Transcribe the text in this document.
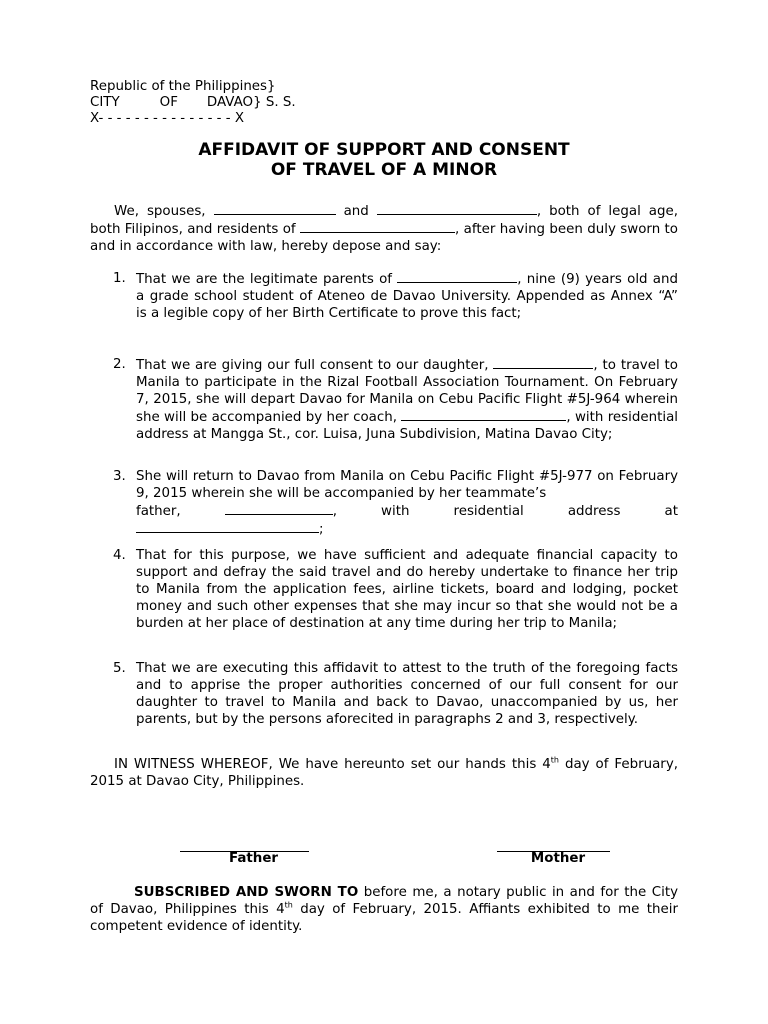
Republic of the Philippines}
CITY	OF DAVAO} S. S.
X- - - - - - - - - - - - - - - X
AFFIDAVIT OF SUPPORT AND CONSENT
OF TRAVEL OF A MINOR
We, spouses,	and	, both of legal age, both Filipinos, and residents of	, after having been duly sworn to and in accordance with law, hereby depose and say:
1. That we are the legitimate parents of	, nine (9) years old and a grade school student of Ateneo de Davao University. Appended as Annex “A” is a legible copy of her Birth Certificate to prove this fact;
2. That we are giving our full consent to our daughter,	, to travel to Manila to participate in the Rizal Football Association Tournament. On February 7, 2015, she will depart Davao for Manila on Cebu Pacific Flight #5J-964 wherein she will be accompanied by her coach,	, with residential address at Mangga St., cor. Luisa, Juna Subdivision, Matina Davao City;
3. She will return to Davao from Manila on Cebu Pacific Flight #5J-977 on February 9, 2015 wherein she will be accompanied by her teammate’s
father,	,	with	residential	address	at
;
4. That for this purpose, we have sufficient and adequate financial capacity to support and defray the said travel and do hereby undertake to finance her trip to Manila from the application fees, airline tickets, board and lodging, pocket money and such other expenses that she may incur so that she would not be a burden at her place of destination at any time during her trip to Manila;
5. That we are executing this affidavit to attest to the truth of the foregoing facts and to apprise the proper authorities concerned of our full consent for our daughter to travel to Manila and back to Davao, unaccompanied by us, her parents, but by the persons aforecited in paragraphs 2 and 3, respectively.
IN WITNESS WHEREOF, We have hereunto set our hands this 4th day of February, 2015 at Davao City, Philippines.
Father	Mother
SUBSCRIBED AND SWORN TO before me, a notary public in and for the City of Davao, Philippines this 4th day of February, 2015. Affiants exhibited to me their competent evidence of identity.
